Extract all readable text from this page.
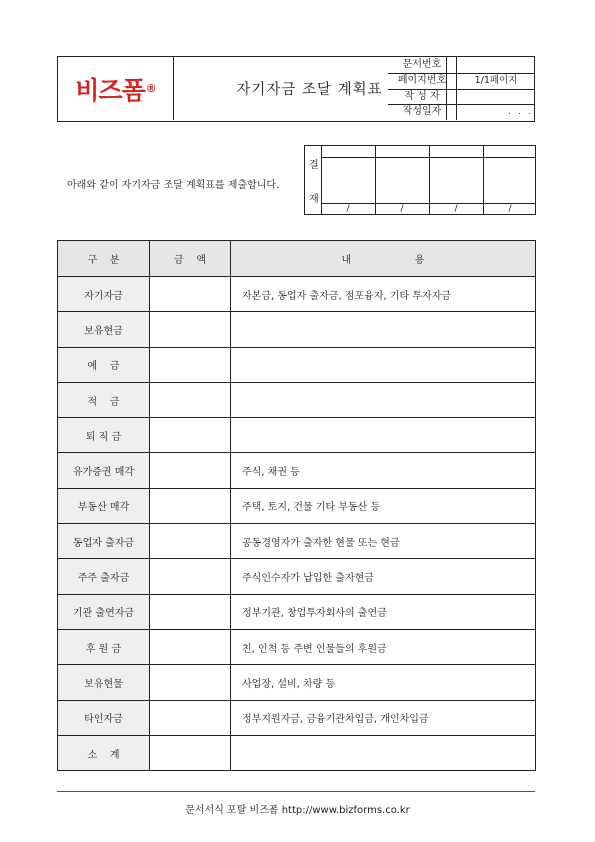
비즈폼 ®	자기자금 조달 계획표
문서번호
페이지번호	1/1페이지
작 성 자
작성일자	.   .   .
아래와 같이 자기자금 조달 계획표를 제출합니다.
결
재
/	/	/	/
구    분	금    액	내                    용
자기자금		자본금, 동업자 출자금, 점포융자, 기타 투자자금
보유현금		
예    금		
적    금		
퇴 직 금		
유가증권 매각		주식, 채권 등
부동산 매각		주택, 토지, 건물 기타 부동산 등
동업자 출자금		공동경영자가 출자한 현물 또는 현금
주주 출자금		주식인수자가 납입한 출자현금
기관 출연자금		정부기관, 창업투자회사의 출연금
후 원 금		친, 인척 등 주변 인물들의 후원금
보유현물		사업장, 설비, 차량 등
타인자금		정부지원자금, 금융기관차입금, 개인차입금
소    계		
문서서식 포탈 비즈폼 http://www.bizforms.co.kr
